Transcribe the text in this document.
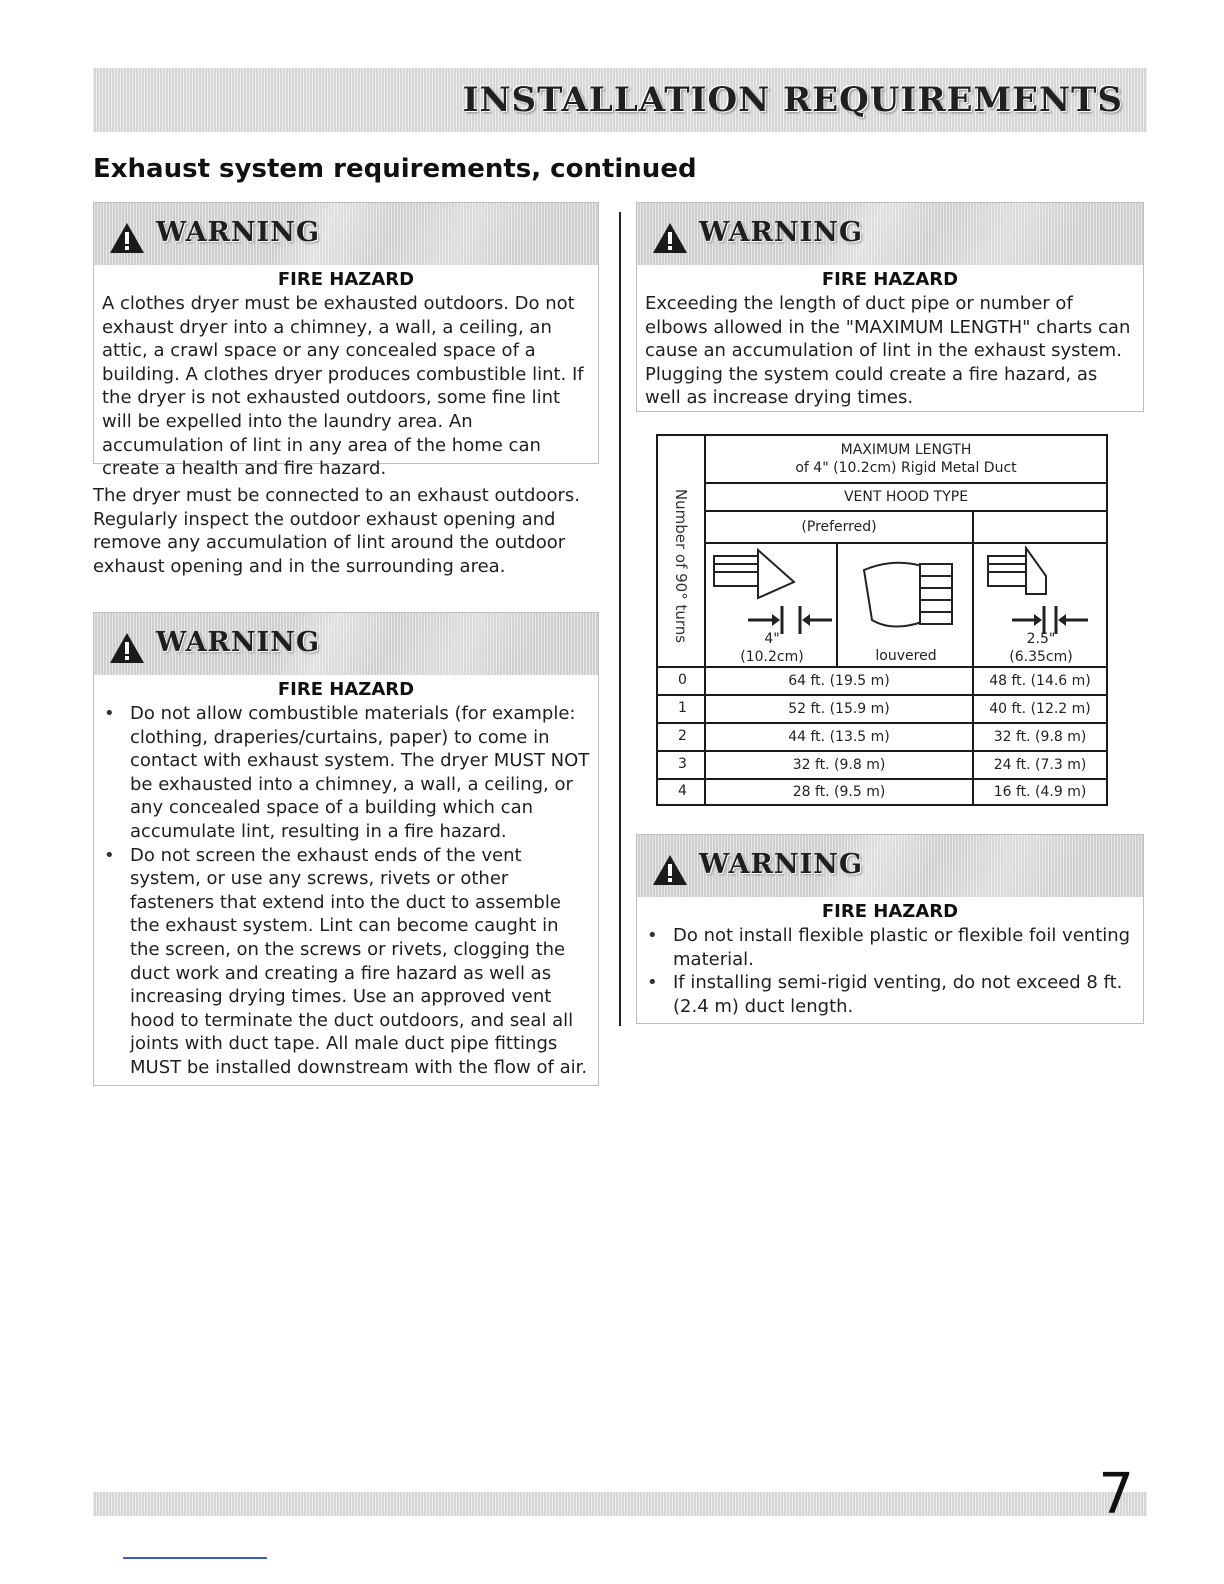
INSTALLATION REQUIREMENTS
Exhaust system requirements, continued
WARNING
FIRE HAZARD

A clothes dryer must be exhausted outdoors. Do not exhaust dryer into a chimney, a wall, a ceiling, an attic, a crawl space or any concealed space of a building. A clothes dryer produces combustible lint. If the dryer is not exhausted outdoors, some fine lint will be expelled into the laundry area. An accumulation of lint in any area of the home can create a health and fire hazard.

The dryer must be connected to an exhaust outdoors. Regularly inspect the outdoor exhaust opening and remove any accumulation of lint around the outdoor exhaust opening and in the surrounding area.

WARNING
FIRE HAZARD
• Do not allow combustible materials (for example: clothing, draperies/curtains, paper) to come in contact with exhaust system. The dryer MUST NOT be exhausted into a chimney, a wall, a ceiling, or any concealed space of a building which can accumulate lint, resulting in a fire hazard.
• Do not screen the exhaust ends of the vent system, or use any screws, rivets or other fasteners that extend into the duct to assemble the exhaust system. Lint can become caught in the screen, on the screws or rivets, clogging the duct work and creating a fire hazard as well as increasing drying times. Use an approved vent hood to terminate the duct outdoors, and seal all joints with duct tape. All male duct pipe fittings MUST be installed downstream with the flow of air.
WARNING
FIRE HAZARD

Exceeding the length of duct pipe or number of elbows allowed in the "MAXIMUM LENGTH" charts can cause an accumulation of lint in the exhaust system. Plugging the system could create a fire hazard, as well as increase drying times.

Number of 90° turns
MAXIMUM LENGTH
of 4" (10.2cm) Rigid Metal Duct
VENT HOOD TYPE
(Preferred)
4"
(10.2cm)	louvered
2.5"
(6.35cm)
0	64 ft. (19.5 m)	48 ft. (14.6 m)
1	52 ft. (15.9 m)	40 ft. (12.2 m)
2	44 ft. (13.5 m)	32 ft. (9.8 m)
3	32 ft. (9.8 m)	24 ft. (7.3 m)
4	28 ft. (9.5 m)	16 ft. (4.9 m)
WARNING
FIRE HAZARD
• Do not install flexible plastic or flexible foil venting material.
• If installing semi-rigid venting, do not exceed 8 ft. (2.4 m) duct length.

7
